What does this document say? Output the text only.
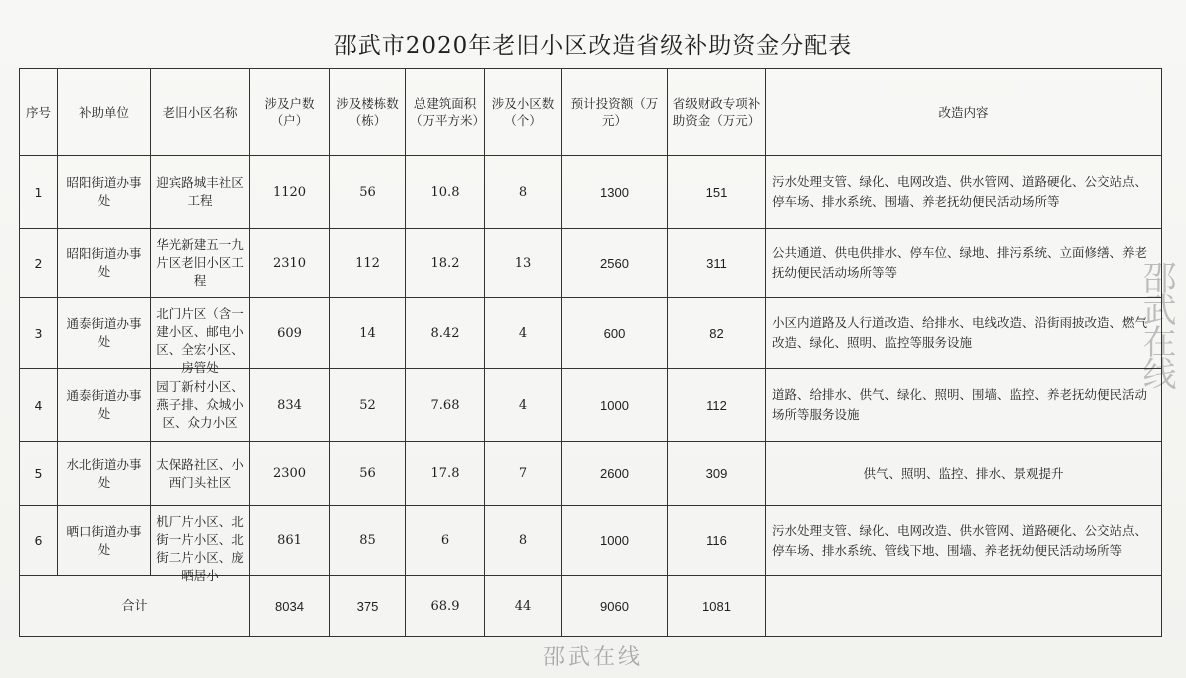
邵武市2020年老旧小区改造省级补助资金分配表
序号	补助单位	老旧小区名称	涉及户数（户）	涉及楼栋数（栋）	总建筑面积（万平方米）	涉及小区数（个）	预计投资额（万元）	省级财政专项补助资金（万元）	改造内容
1	昭阳街道办事处	迎宾路城丰社区工程	1120	56	10.8	8	1300	151	污水处理支管、绿化、电网改造、供水管网、道路硬化、公交站点、停车场、排水系统、围墙、养老抚幼便民活动场所等
2	昭阳街道办事处	华光新建五一九片区老旧小区工程	2310	112	18.2	13	2560	311	公共通道、供电供排水、停车位、绿地、排污系统、立面修缮、养老抚幼便民活动场所等等
3	通泰街道办事处	北门片区（含一建小区、邮电小区、全宏小区、房管处	609	14	8.42	4	600	82	小区内道路及人行道改造、给排水、电线改造、沿街雨披改造、燃气改造、绿化、照明、监控等服务设施
4	通泰街道办事处	园丁新村小区、燕子排、众城小区、众力小区	834	52	7.68	4	1000	112	道路、给排水、供气、绿化、照明、围墙、监控、养老抚幼便民活动场所等服务设施
5	水北街道办事处	太保路社区、小西门头社区	2300	56	17.8	7	2600	309	供气、照明、监控、排水、景观提升
6	晒口街道办事处	机厂片小区、北街一片小区、北街二片小区、庞晒居小	861	85	6	8	1000	116	污水处理支管、绿化、电网改造、供水管网、道路硬化、公交站点、停车场、排水系统、管线下地、围墙、养老抚幼便民活动场所等
合计			8034	375	68.9	44	9060	1081	
邵武在线
邵武在线
